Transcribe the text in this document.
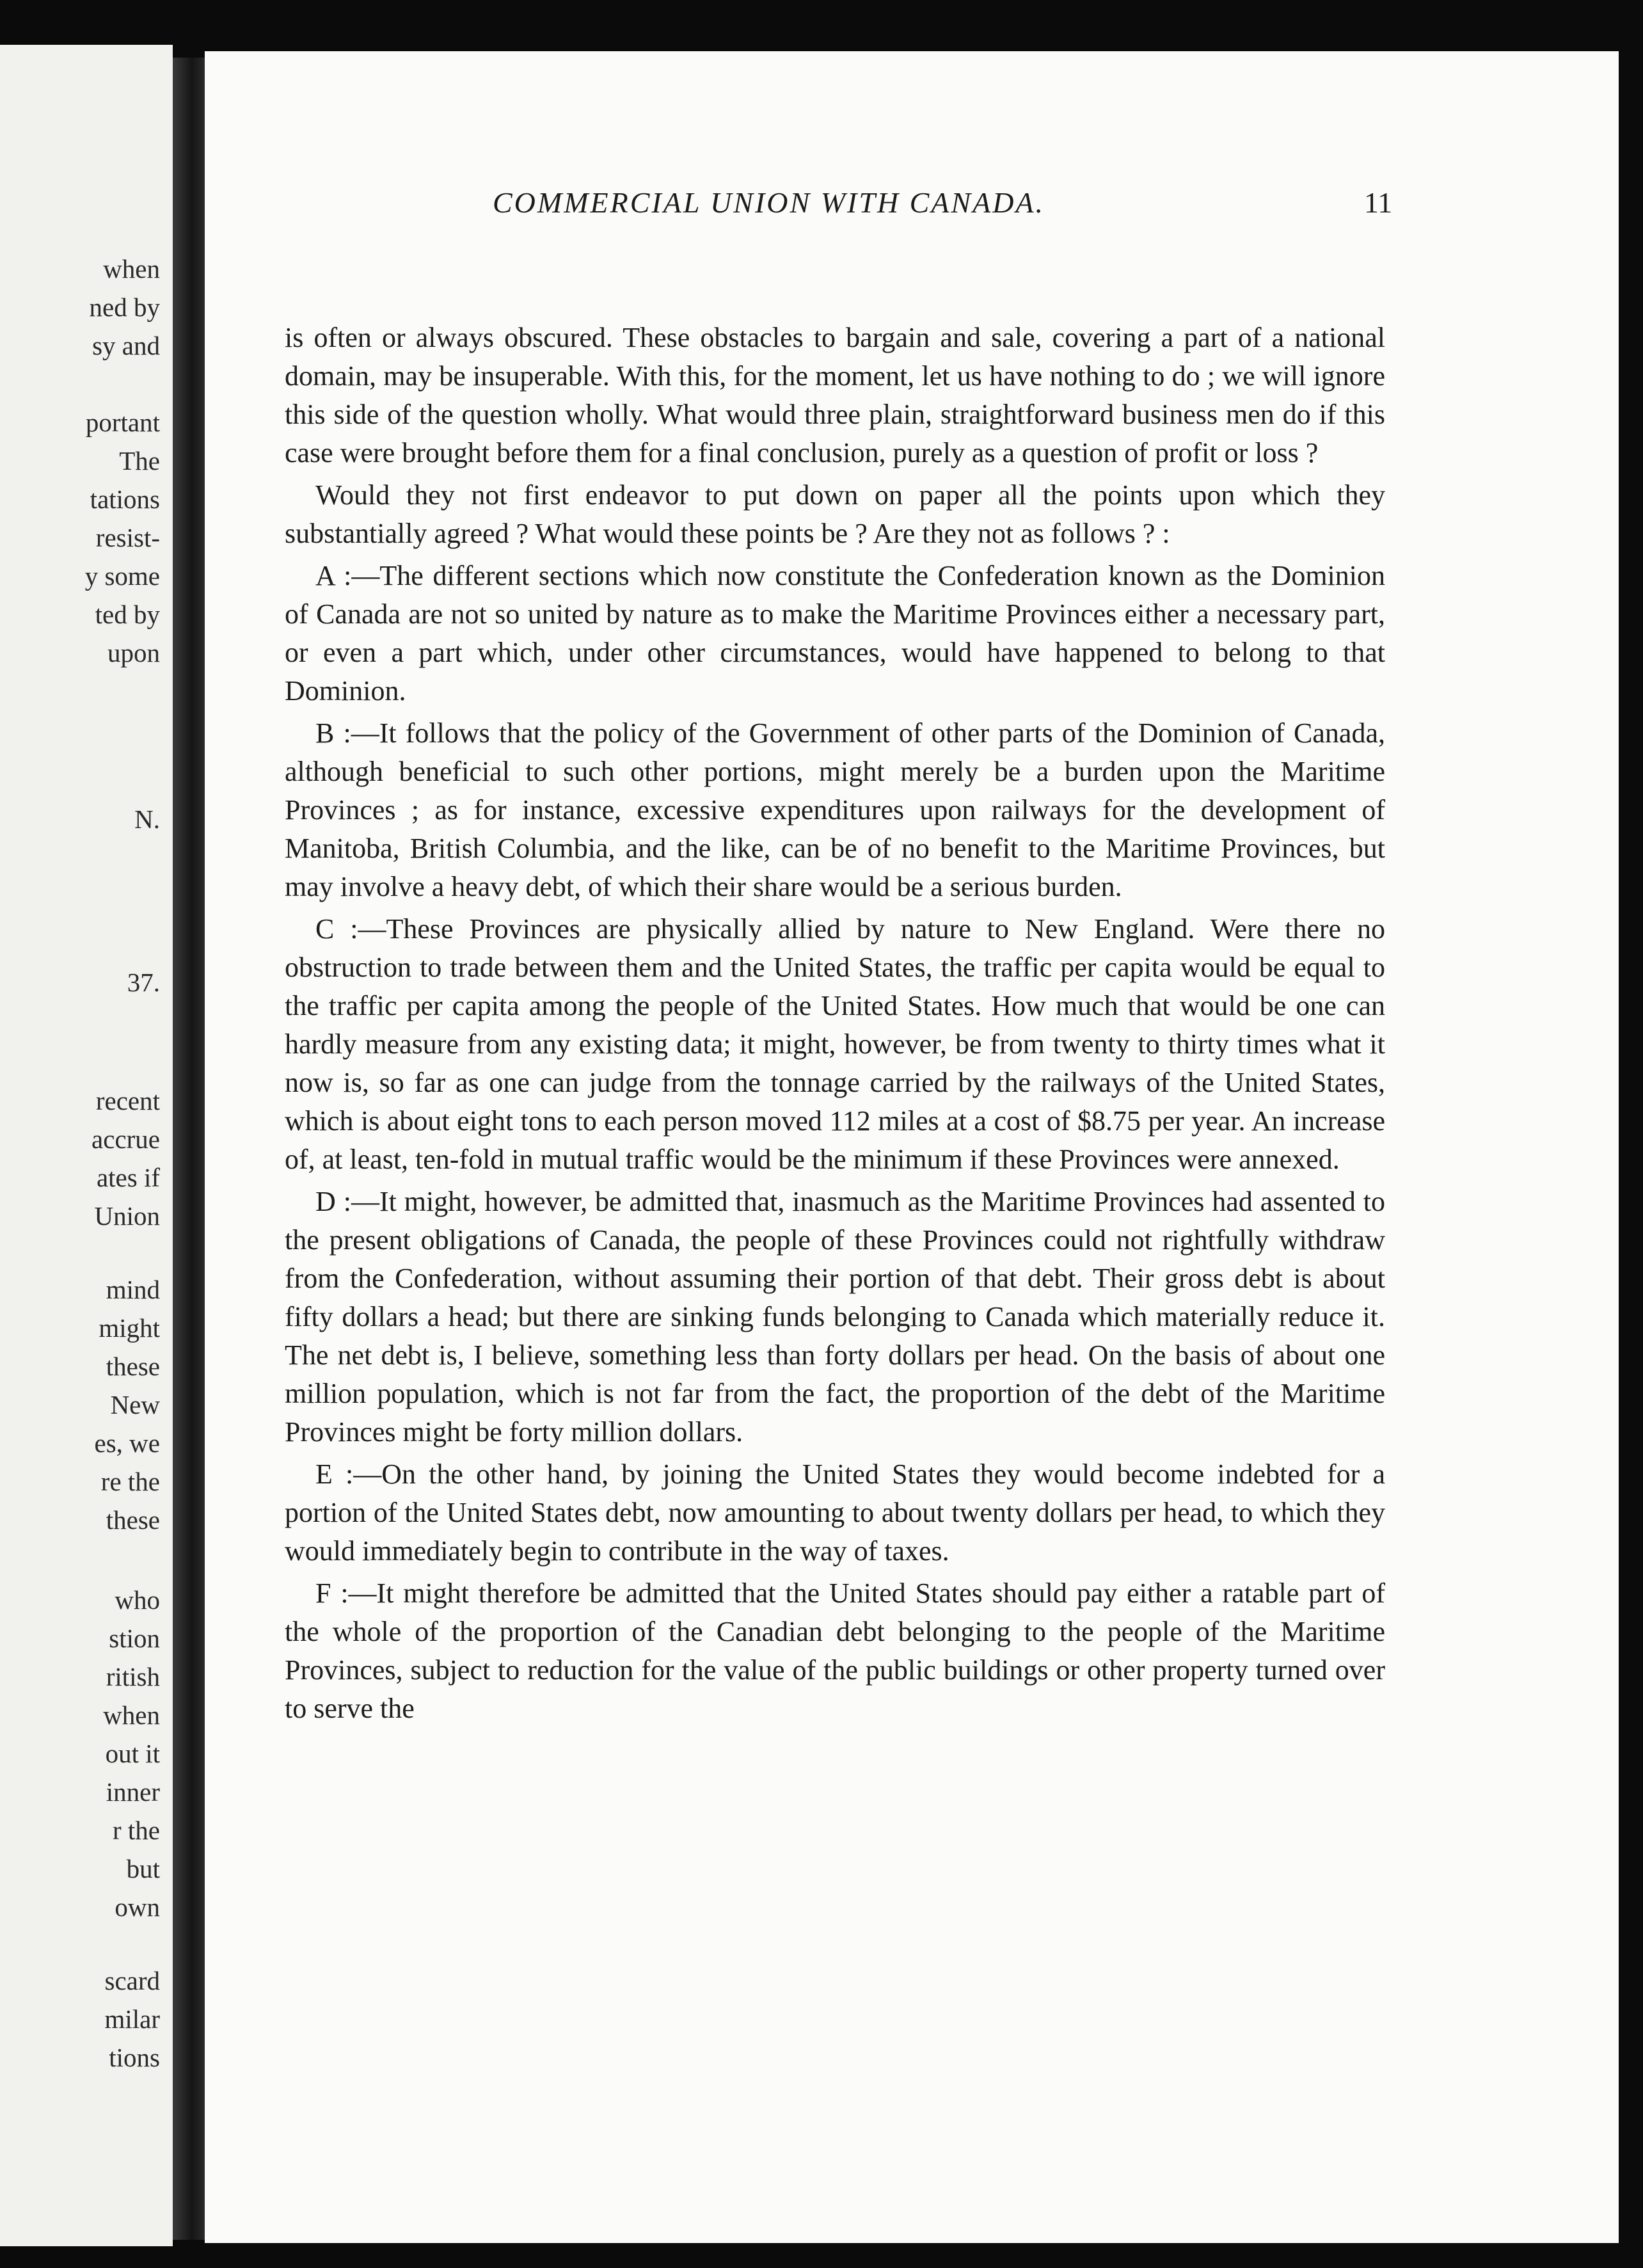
when
ned by
sy and
portant
The
tations
resist-
y some
ted by
upon
N.
37.
recent
accrue
ates if
Union
mind
might
these
New
es, we
re the
these
who
stion
ritish
when
out it
inner
r the
but
own
scard
milar
tions
COMMERCIAL UNION WITH CANADA.	11

is often or always obscured. These obstacles to bargain and sale, covering a part of a national domain, may be insuperable. With this, for the moment, let us have nothing to do ; we will ignore this side of the question wholly. What would three plain, straightforward business men do if this case were brought before them for a final conclusion, purely as a question of profit or loss ?

Would they not first endeavor to put down on paper all the points upon which they substantially agreed ? What would these points be ? Are they not as follows ? :

A :—The different sections which now constitute the Confederation known as the Dominion of Canada are not so united by nature as to make the Maritime Provinces either a necessary part, or even a part which, under other circumstances, would have happened to belong to that Dominion.

B :—It follows that the policy of the Government of other parts of the Dominion of Canada, although beneficial to such other portions, might merely be a burden upon the Maritime Provinces ; as for instance, excessive expenditures upon railways for the development of Manitoba, British Columbia, and the like, can be of no benefit to the Maritime Provinces, but may involve a heavy debt, of which their share would be a serious burden.

C :—These Provinces are physically allied by nature to New England. Were there no obstruction to trade between them and the United States, the traffic per capita would be equal to the traffic per capita among the people of the United States. How much that would be one can hardly measure from any existing data; it might, however, be from twenty to thirty times what it now is, so far as one can judge from the tonnage carried by the railways of the United States, which is about eight tons to each person moved 112 miles at a cost of $8.75 per year. An increase of, at least, ten-fold in mutual traffic would be the minimum if these Provinces were annexed.

D :—It might, however, be admitted that, inasmuch as the Maritime Provinces had assented to the present obligations of Canada, the people of these Provinces could not rightfully withdraw from the Confederation, without assuming their portion of that debt. Their gross debt is about fifty dollars a head; but there are sinking funds belonging to Canada which materially reduce it. The net debt is, I believe, something less than forty dollars per head. On the basis of about one million population, which is not far from the fact, the proportion of the debt of the Maritime Provinces might be forty million dollars.

E :—On the other hand, by joining the United States they would become indebted for a portion of the United States debt, now amounting to about twenty dollars per head, to which they would immediately begin to contribute in the way of taxes.

F :—It might therefore be admitted that the United States should pay either a ratable part of the whole of the proportion of the Canadian debt belonging to the people of the Maritime Provinces, subject to reduction for the value of the public buildings or other property turned over to serve the
